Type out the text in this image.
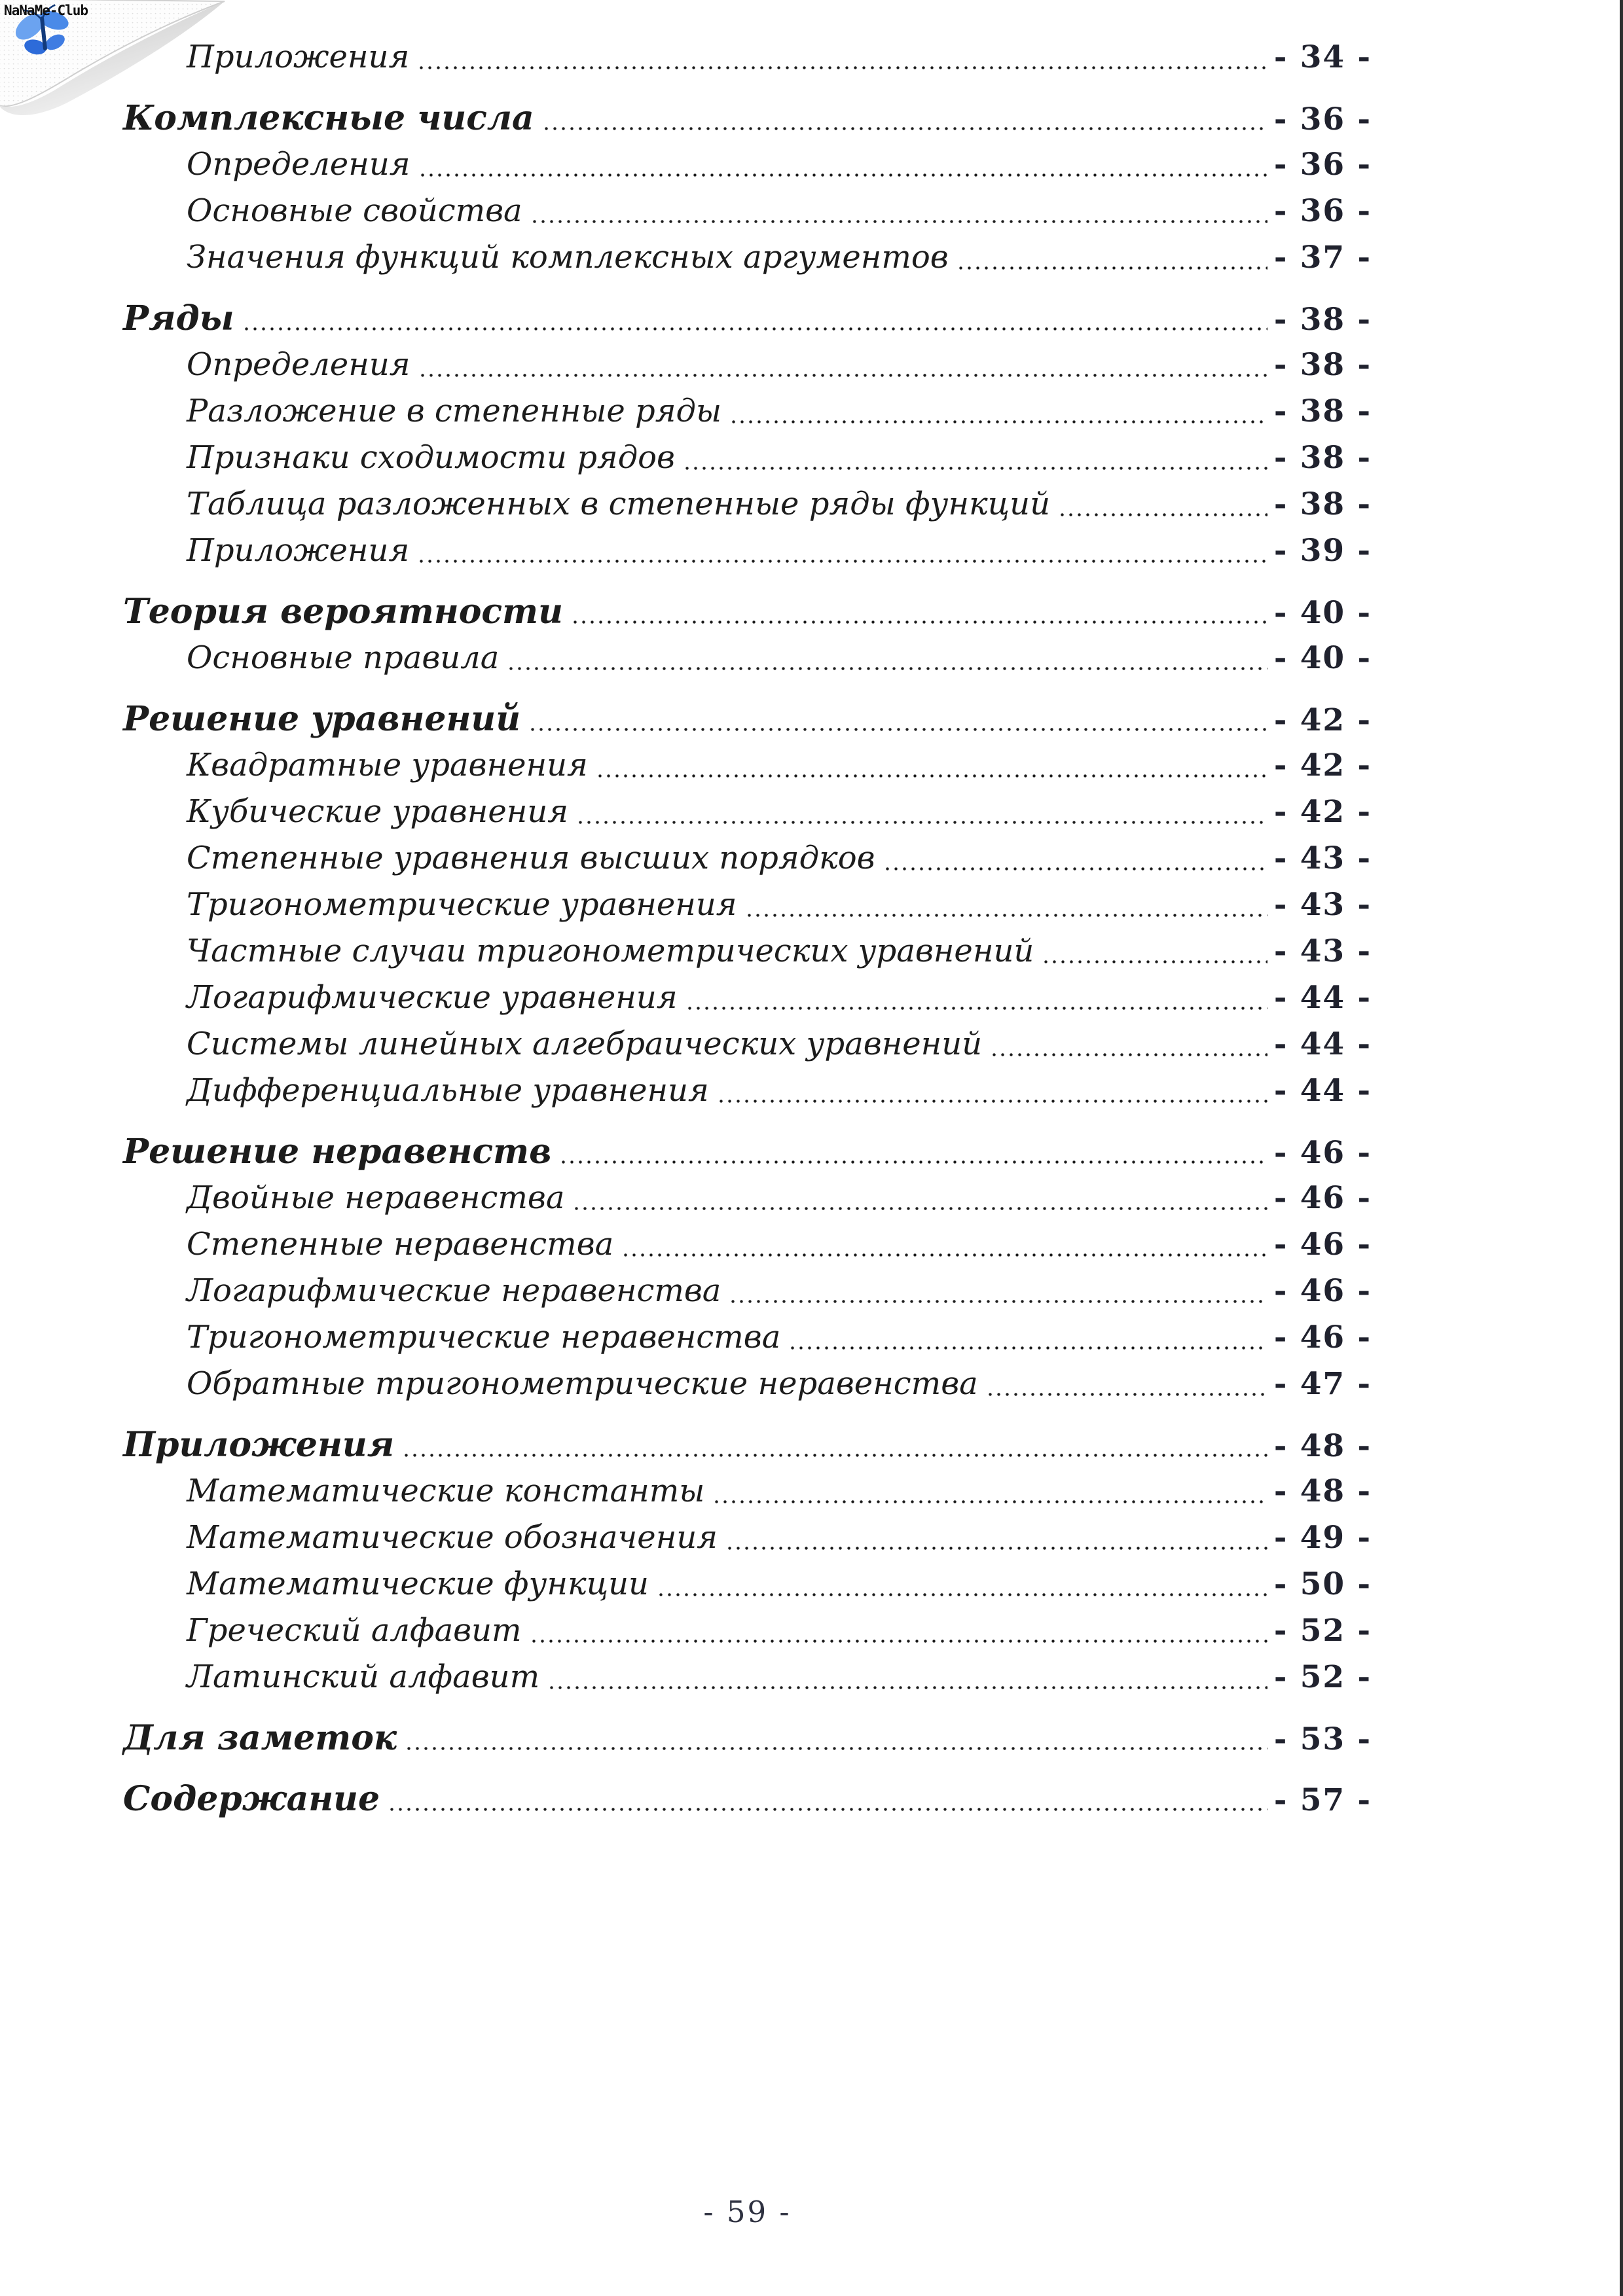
NaNaMe-Club
Приложения	- 34 -
Комплексные числа	- 36 -
Определения	- 36 -
Основные свойства	- 36 -
Значения функций комплексных аргументов	- 37 -
Ряды	- 38 -
Определения	- 38 -
Разложение в степенные ряды	- 38 -
Признаки сходимости рядов	- 38 -
Таблица разложенных в степенные ряды функций	- 38 -
Приложения	- 39 -
Теория вероятности	- 40 -
Основные правила	- 40 -
Решение уравнений	- 42 -
Квадратные уравнения	- 42 -
Кубические уравнения	- 42 -
Степенные уравнения высших порядков	- 43 -
Тригонометрические уравнения	- 43 -
Частные случаи тригонометрических уравнений	- 43 -
Логарифмические уравнения	- 44 -
Системы линейных алгебраических уравнений	- 44 -
Дифференциальные уравнения	- 44 -
Решение неравенств	- 46 -
Двойные неравенства	- 46 -
Степенные неравенства	- 46 -
Логарифмические неравенства	- 46 -
Тригонометрические неравенства	- 46 -
Обратные тригонометрические неравенства	- 47 -
Приложения	- 48 -
Математические константы	- 48 -
Математические обозначения	- 49 -
Математические функции	- 50 -
Греческий алфавит	- 52 -
Латинский алфавит	- 52 -
Для заметок	- 53 -
Содержание	- 57 -
- 59 -
